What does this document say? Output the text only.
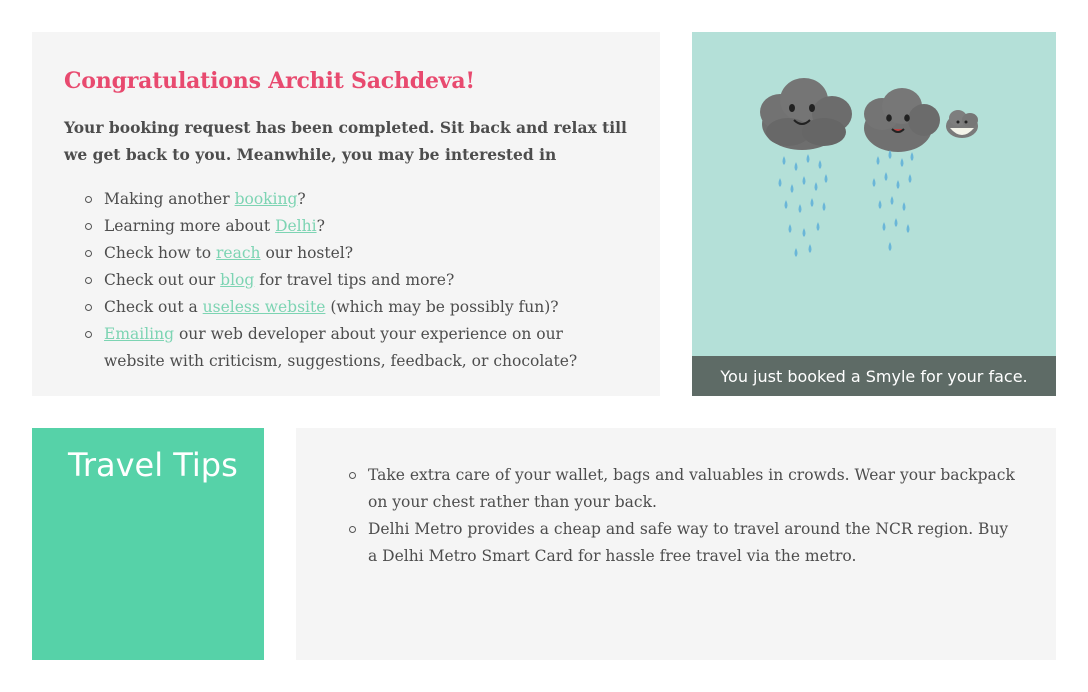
Congratulations Archit Sachdeva!

Your booking request has been completed. Sit back and relax till we get back to you. Meanwhile, you may be interested in

Making another booking?
Learning more about Delhi?
Check how to reach our hostel?
Check out our blog for travel tips and more?
Check out a useless website (which may be possibly fun)?
Emailing our web developer about your experience on our website with criticism, suggestions, feedback, or chocolate?
You just booked a Smyle for your face.
Travel Tips	Take extra care of your wallet, bags and valuables in crowds. Wear your backpack on your chest rather than your back.
Delhi Metro provides a cheap and safe way to travel around the NCR region. Buy a Delhi Metro Smart Card for hassle free travel via the metro.
